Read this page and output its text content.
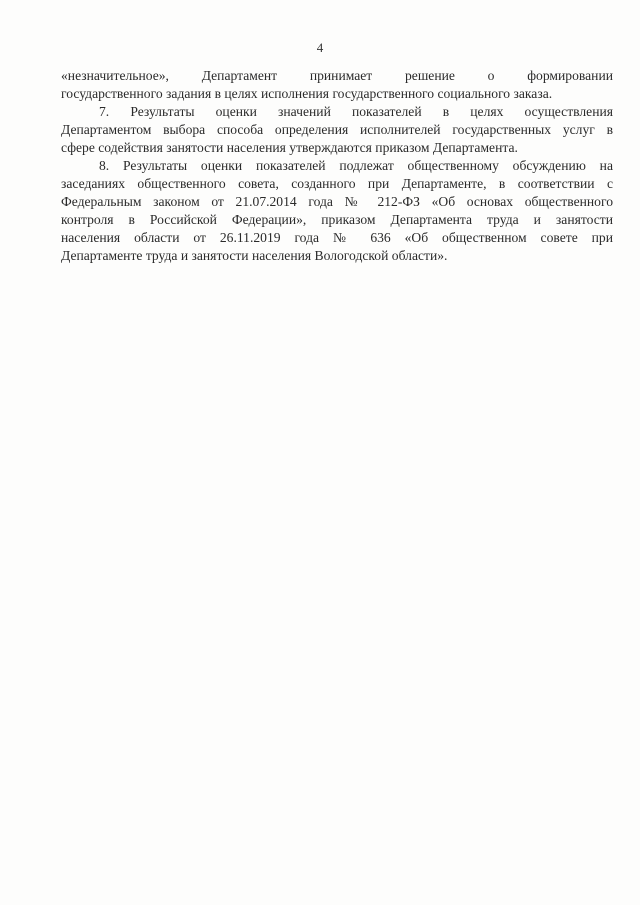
4
«незначительное», Департамент принимает решение о формировании
государственного задания в целях исполнения государственного социального заказа.
7. Результаты оценки значений показателей в целях осуществления
Департаментом выбора способа определения исполнителей государственных услуг в
сфере содействия занятости населения утверждаются приказом Департамента.
8. Результаты оценки показателей подлежат общественному обсуждению на
заседаниях общественного совета, созданного при Департаменте, в соответствии с
Федеральным законом от 21.07.2014 года № 212-ФЗ «Об основах общественного
контроля в Российской Федерации», приказом Департамента труда и занятости
населения области от 26.11.2019 года № 636 «Об общественном совете при
Департаменте труда и занятости населения Вологодской области».
